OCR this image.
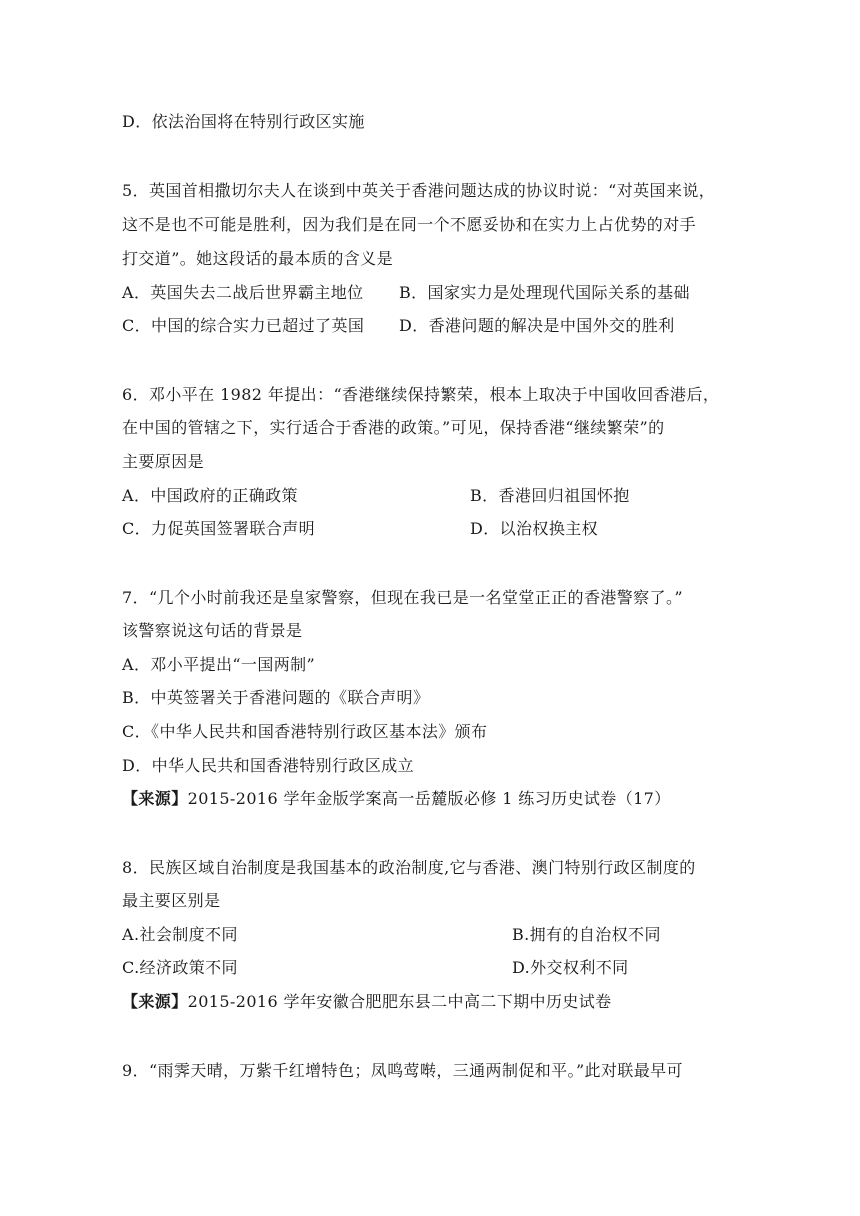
D．依法治国将在特别行政区实施
5．英国首相撒切尔夫人在谈到中英关于香港问题达成的协议时说：“对英国来说，
这不是也不可能是胜利，因为我们是在同一个不愿妥协和在实力上占优势的对手
打交道”。她这段话的最本质的含义是
A．英国失去二战后世界霸主地位 B．国家实力是处理现代国际关系的基础
C．中国的综合实力已超过了英国 D．香港问题的解决是中国外交的胜利
6．邓小平在 1982 年提出：“香港继续保持繁荣，根本上取决于中国收回香港后，
在中国的管辖之下，实行适合于香港的政策。”可见，保持香港“继续繁荣”的
主要原因是
A．中国政府的正确政策	B．香港回归祖国怀抱
C．力促英国签署联合声明	D．以治权换主权
7．“几个小时前我还是皇家警察，但现在我已是一名堂堂正正的香港警察了。”
该警察说这句话的背景是
A．邓小平提出“一国两制”
B．中英签署关于香港问题的《联合声明》
C．《中华人民共和国香港特别行政区基本法》颁布
D．中华人民共和国香港特别行政区成立
【来源】2015-2016 学年金版学案高一岳麓版必修 1 练习历史试卷（17）
8．民族区域自治制度是我国基本的政治制度,它与香港、澳门特别行政区制度的
最主要区别是
A.社会制度不同	B.拥有的自治权不同
C.经济政策不同	D.外交权利不同
【来源】2015-2016 学年安徽合肥肥东县二中高二下期中历史试卷
9．“雨霁天晴，万紫千红增特色；凤鸣莺啭，三通两制促和平。”此对联最早可
